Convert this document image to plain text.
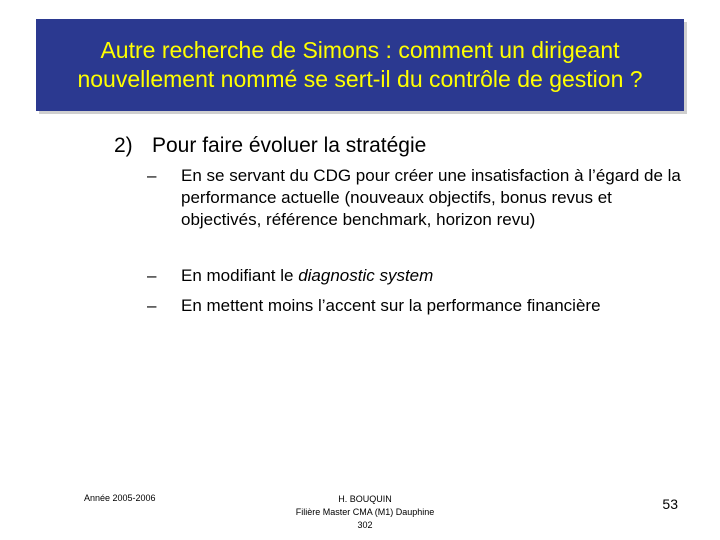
Autre recherche de Simons : comment un dirigeant nouvellement nommé se sert-il du contrôle de gestion ?
2) Pour faire évoluer la stratégie
–	En se servant du CDG pour créer une insatisfaction à l’égard de la performance actuelle (nouveaux objectifs, bonus revus et objectivés, référence benchmark, horizon revu)
–	En modifiant le diagnostic system
–	En mettent moins l’accent sur la performance financière
Année 2005-2006	H. BOUQUIN
Filière Master CMA (M1) Dauphine
302
53
